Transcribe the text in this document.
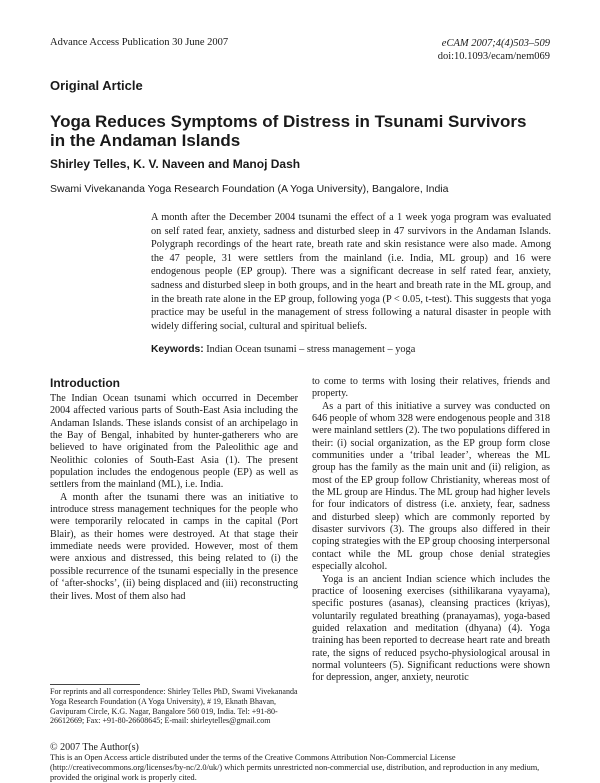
Advance Access Publication 30 June 2007	eCAM 2007;4(4)503–509
doi:10.1093/ecam/nem069
Original Article
Yoga Reduces Symptoms of Distress in Tsunami Survivors in the Andaman Islands
Shirley Telles, K. V. Naveen and Manoj Dash
Swami Vivekananda Yoga Research Foundation (A Yoga University), Bangalore, India
A month after the December 2004 tsunami the effect of a 1 week yoga program was evaluated on self rated fear, anxiety, sadness and disturbed sleep in 47 survivors in the Andaman Islands. Polygraph recordings of the heart rate, breath rate and skin resistance were also made. Among the 47 people, 31 were settlers from the mainland (i.e. India, ML group) and 16 were endogenous people (EP group). There was a significant decrease in self rated fear, anxiety, sadness and disturbed sleep in both groups, and in the heart and breath rate in the ML group, and in the breath rate alone in the EP group, following yoga (P < 0.05, t-test). This suggests that yoga practice may be useful in the management of stress following a natural disaster in people with widely differing social, cultural and spiritual beliefs.
Keywords: Indian Ocean tsunami – stress management – yoga
Introduction

The Indian Ocean tsunami which occurred in December 2004 affected various parts of South-East Asia including the Andaman Islands. These islands consist of an archipelago in the Bay of Bengal, inhabited by hunter-gatherers who are believed to have originated from the Paleolithic age and Neolithic colonies of South-East Asia (1). The present population includes the endogenous people (EP) as well as settlers from the mainland (ML), i.e. India.

A month after the tsunami there was an initiative to introduce stress management techniques for the people who were temporarily relocated in camps in the capital (Port Blair), as their homes were destroyed. At that stage their immediate needs were provided. However, most of them were anxious and distressed, this being related to (i) the possible recurrence of the tsunami especially in the presence of ‘after-shocks’, (ii) being displaced and (iii) reconstructing their lives. Most of them also had

to come to terms with losing their relatives, friends and property.

As a part of this initiative a survey was conducted on 646 people of whom 328 were endogenous people and 318 were mainland settlers (2). The two populations differed in their: (i) social organization, as the EP group form close communities under a ‘tribal leader’, whereas the ML group has the family as the main unit and (ii) religion, as most of the EP group follow Christianity, whereas most of the ML group are Hindus. The ML group had higher levels for four indicators of distress (i.e. anxiety, fear, sadness and disturbed sleep) which are commonly reported by disaster survivors (3). The groups also differed in their coping strategies with the EP group choosing interpersonal contact while the ML group chose denial strategies especially alcohol.

Yoga is an ancient Indian science which includes the practice of loosening exercises (sithilikarana vyayama), specific postures (asanas), cleansing practices (kriyas), voluntarily regulated breathing (pranayamas), yoga-based guided relaxation and meditation (dhyana) (4). Yoga training has been reported to decrease heart rate and breath rate, the signs of reduced psycho-physiological arousal in normal volunteers (5). Significant reductions were shown for depression, anger, anxiety, neurotic

For reprints and all correspondence: Shirley Telles PhD, Swami Vivekananda Yoga Research Foundation (A Yoga University), # 19, Eknath Bhavan, Gavipuram Circle, K.G. Nagar, Bangalore 560 019, India. Tel: +91-80-26612669; Fax: +91-80-26608645; E-mail: shirleytelles@gmail.com
© 2007 The Author(s)
This is an Open Access article distributed under the terms of the Creative Commons Attribution Non-Commercial License (http://creativecommons.org/licenses/by-nc/2.0/uk/) which permits unrestricted non-commercial use, distribution, and reproduction in any medium, provided the original work is properly cited.
